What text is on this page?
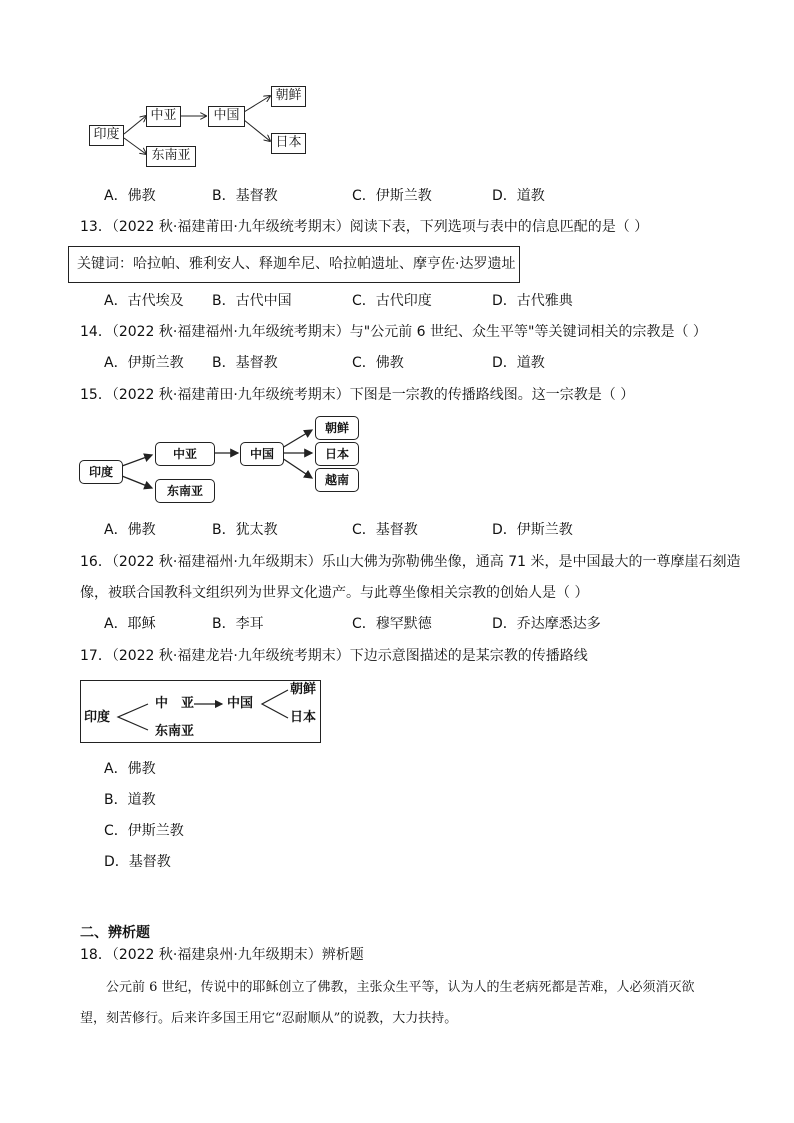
印度
中亚	中国
东南亚
朝鲜
日本
A．佛教	B．基督教	C．伊斯兰教	D．道教
13．（2022 秋·福建莆田·九年级统考期末）阅读下表，下列选项与表中的信息匹配的是（ ）
关键词：哈拉帕、雅利安人、释迦牟尼、哈拉帕遗址、摩亨佐·达罗遗址
A．古代埃及 B．古代中国	C．古代印度	D．古代雅典
14．（2022 秋·福建福州·九年级统考期末）与"公元前 6 世纪、众生平等"等关键词相关的宗教是（ ）
A．伊斯兰教 B．基督教	C．佛教	D．道教
15．（2022 秋·福建莆田·九年级统考期末）下图是一宗教的传播路线图。这一宗教是（ ）
印度
中亚
东南亚
中国
朝鲜
日本
越南
A．佛教	B．犹太教	C．基督教	D．伊斯兰教
16．（2022 秋·福建福州·九年级期末）乐山大佛为弥勒佛坐像，通高 71 米，是中国最大的一尊摩崖石刻造
像，被联合国教科文组织列为世界文化遗产。与此尊坐像相关宗教的创始人是（ ）
A．耶稣	B．李耳	C．穆罕默德	D．乔达摩悉达多
17．（2022 秋·福建龙岩·九年级统考期末）下边示意图描述的是某宗教的传播路线
印度
中　亚
东南亚
中国
朝鲜
日本
A．佛教
B．道教
C．伊斯兰教
D．基督教
二、辨析题
18．（2022 秋·福建泉州·九年级期末）辨析题
公元前 6 世纪，传说中的耶稣创立了佛教，主张众生平等，认为人的生老病死都是苦难，人必须消灭欲望，刻苦修行。后来许多国王用它“忍耐顺从”的说教，大力扶持。
